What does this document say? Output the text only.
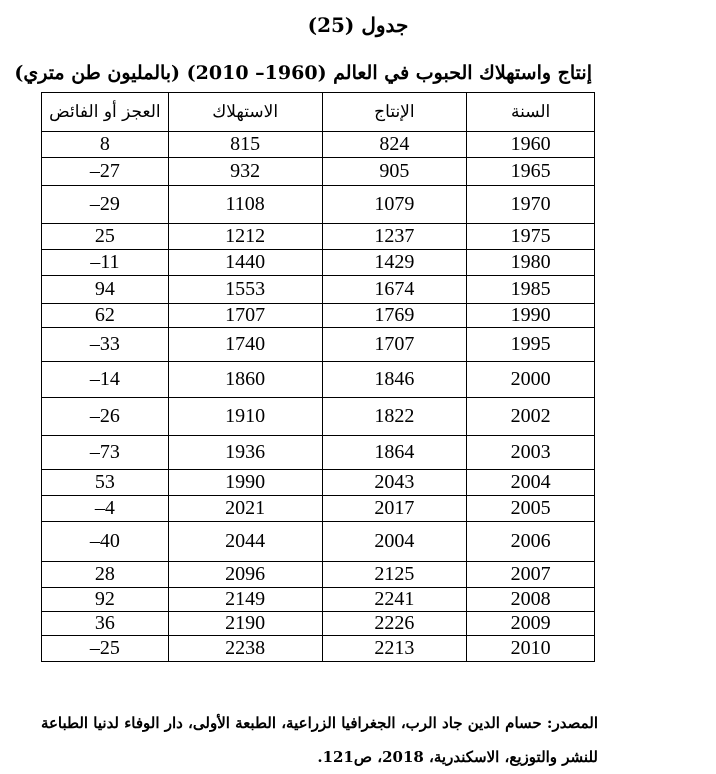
جدول (25)
إنتاج واستهلاك الحبوب في العالم (1960– 2010) (بالمليون طن متري)
السنة	الإنتاج	الاستهلاك	العجز أو الفائض
1960	824	815	8
1965	905	932	27–
1970	1079	1108	29–
1975	1237	1212	25
1980	1429	1440	11–
1985	1674	1553	94
1990	1769	1707	62
1995	1707	1740	33–
2000	1846	1860	14–
2002	1822	1910	26–
2003	1864	1936	73–
2004	2043	1990	53
2005	2017	2021	4–
2006	2004	2044	40–
2007	2125	2096	28
2008	2241	2149	92
2009	2226	2190	36
2010	2213	2238	25–
المصدر: حسام الدين جاد الرب، الجغرافيا الزراعية، الطبعة الأولى، دار الوفاء لدنيا الطباعة
للنشر والتوزيع، الاسكندرية، 2018، ص121.
